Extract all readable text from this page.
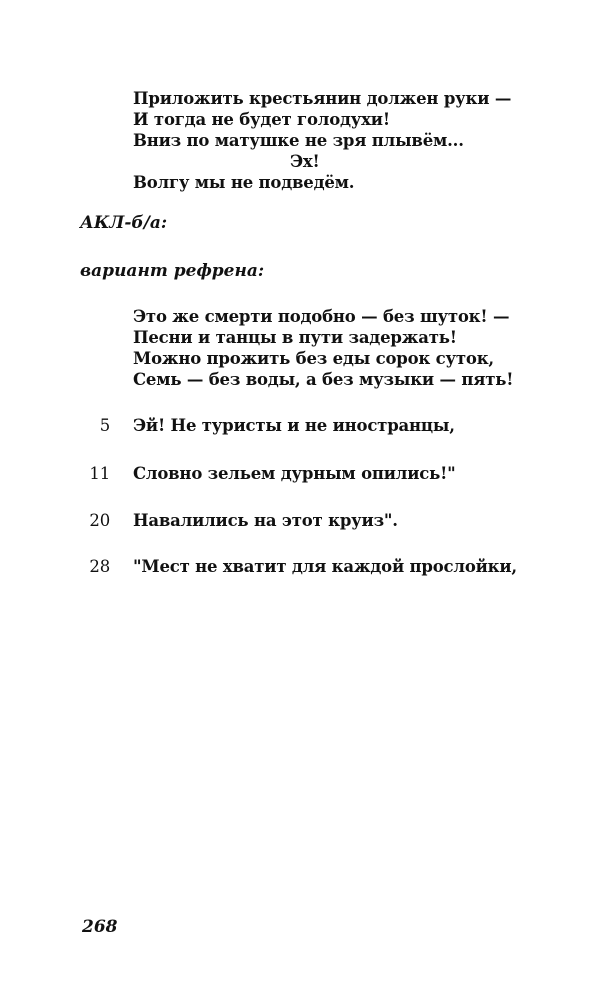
Приложить крестьянин должен руки —
И тогда не будет голодухи!
Вниз по матушке не зря плывём...
Эх!
Волгу мы не подведём.
АКЛ-б/а:
вариант рефрена:
Это же смерти подобно — без шуток! —
Песни и танцы в пути задержать!
Можно прожить без еды сорок суток,
Семь — без воды, а без музыки — пять!
5 Эй! Не туристы и не иностранцы,
11 Словно зельем дурным опились!"
20 Навалились на этот круиз".
28 "Мест не хватит для каждой прослойки,
268
